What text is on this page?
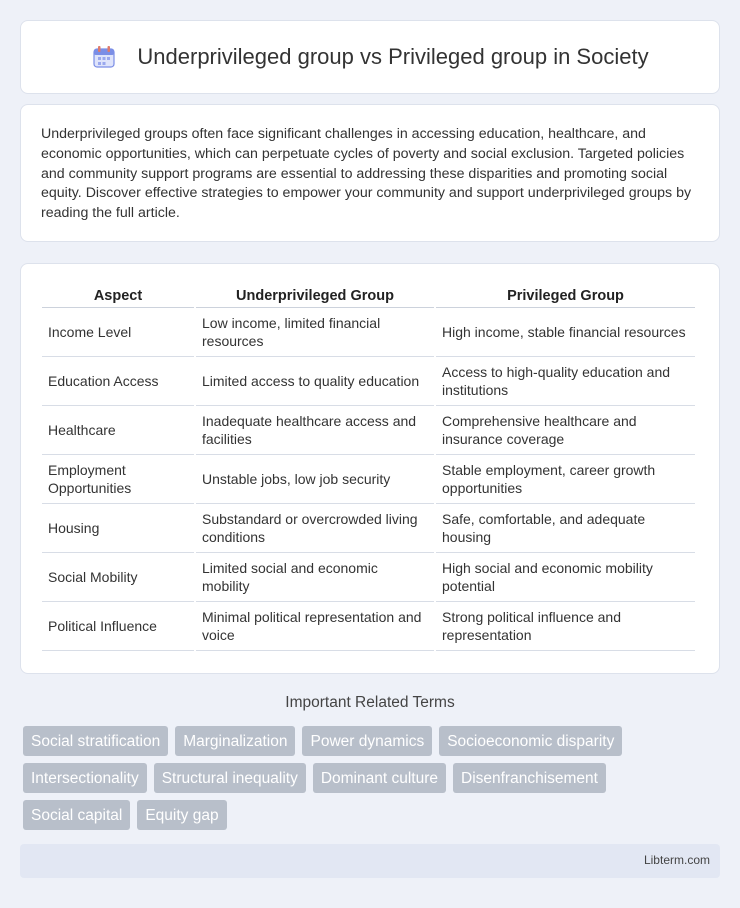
Underprivileged group vs Privileged group in Society

Underprivileged groups often face significant challenges in accessing education, healthcare, and economic opportunities, which can perpetuate cycles of poverty and social exclusion. Targeted policies and community support programs are essential to addressing these disparities and promoting social equity. Discover effective strategies to empower your community and support underprivileged groups by reading the full article.

Aspect	Underprivileged Group	Privileged Group
Income Level	Low income, limited financial resources	High income, stable financial resources
Education Access	Limited access to quality education	Access to high-quality education and institutions
Healthcare	Inadequate healthcare access and facilities	Comprehensive healthcare and insurance coverage
Employment Opportunities	Unstable jobs, low job security	Stable employment, career growth opportunities
Housing	Substandard or overcrowded living conditions	Safe, comfortable, and adequate housing
Social Mobility	Limited social and economic mobility	High social and economic mobility potential
Political Influence	Minimal political representation and voice	Strong political influence and representation
Important Related Terms
Social stratification	Marginalization	Power dynamics	Socioeconomic disparity
Intersectionality	Structural inequality	Dominant culture	Disenfranchisement
Social capital	Equity gap
Libterm.com
